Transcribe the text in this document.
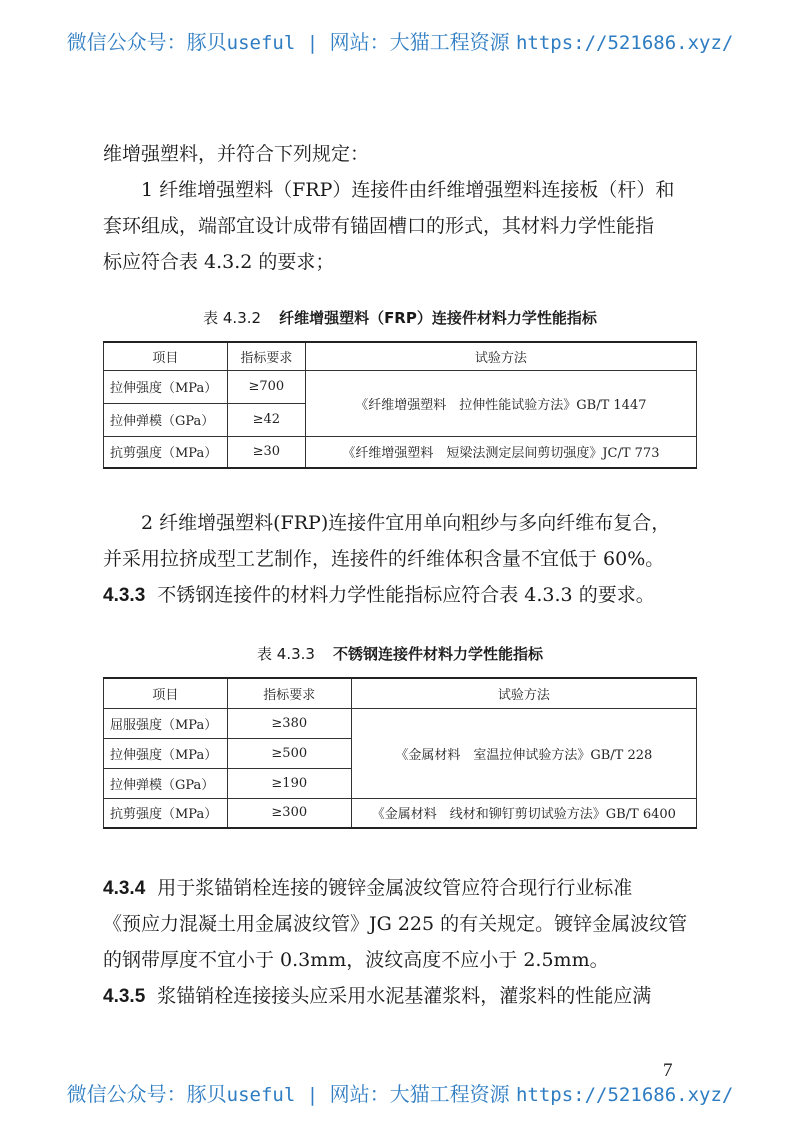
微信公众号：豚贝useful | 网站：大猫工程资源 https://521686.xyz/
维增强塑料，并符合下列规定：
1 纤维增强塑料（FRP）连接件由纤维增强塑料连接板（杆）和
套环组成，端部宜设计成带有锚固槽口的形式，其材料力学性能指
标应符合表 4.3.2 的要求；
表 4.3.2 纤维增强塑料（FRP）连接件材料力学性能指标
项目	指标要求	试验方法
拉伸强度（MPa）	≥700	《纤维增强塑料　拉伸性能试验方法》GB/T 1447
拉伸弹模（GPa）	≥42	
抗剪强度（MPa）	≥30	《纤维增强塑料　短梁法测定层间剪切强度》JC/T 773
2 纤维增强塑料(FRP)连接件宜用单向粗纱与多向纤维布复合，
并采用拉挤成型工艺制作，连接件的纤维体积含量不宜低于 60%。
4.3.3 不锈钢连接件的材料力学性能指标应符合表 4.3.3 的要求。
表 4.3.3 不锈钢连接件材料力学性能指标
项目	指标要求	试验方法
屈服强度（MPa）	≥380	《金属材料　室温拉伸试验方法》GB/T 228
拉伸强度（MPa）	≥500	
拉伸弹模（GPa）	≥190	
抗剪强度（MPa）	≥300	《金属材料　线材和铆钉剪切试验方法》GB/T 6400
4.3.4 用于浆锚销栓连接的镀锌金属波纹管应符合现行行业标准
《预应力混凝土用金属波纹管》JG 225 的有关规定。镀锌金属波纹管
的钢带厚度不宜小于 0.3mm，波纹高度不应小于 2.5mm。
4.3.5 浆锚销栓连接接头应采用水泥基灌浆料，灌浆料的性能应满
7
微信公众号：豚贝useful | 网站：大猫工程资源 https://521686.xyz/
